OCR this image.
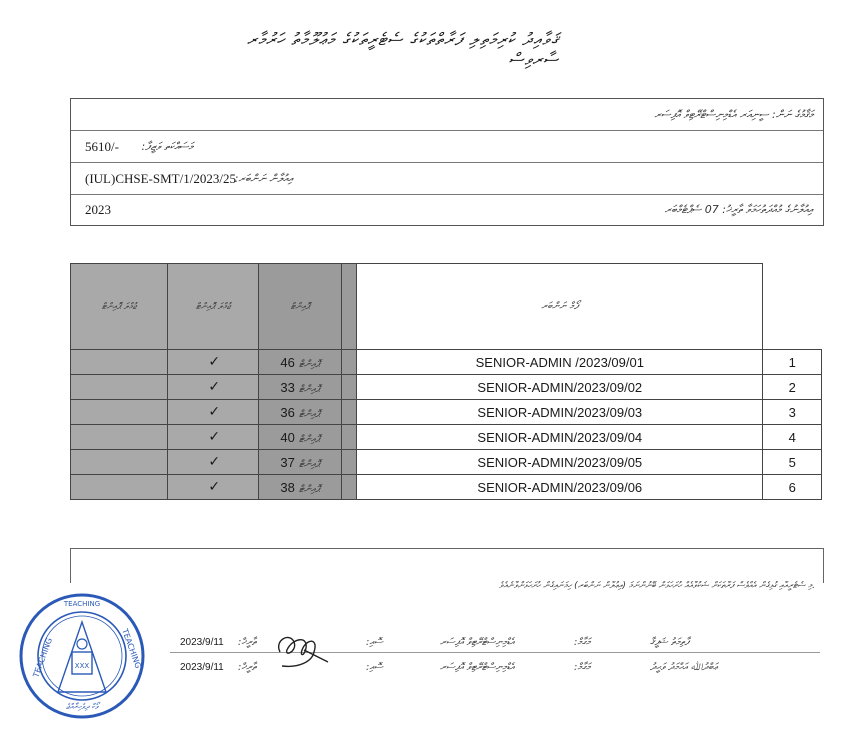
ޤަވާއިދު ކުރިމަތިލި ފަރާތްތަކުގެ ސެޓެރީތަކުގެ މަޢުލޫމާތު ހަރުމާރ ސާރވިސް
މަޤާމުގެ ނަން: ސީނިއަރ އެޑްމިނިސްޓްރޭޓިވް އޮފިސަރ
މަސައްކަތ ވަޒީފާ:
5610/-
އިއުލާން ނަންބަރ:
(IUL)CHSE-SMT/1/2023/25
އިއުލާނުގެ މުއްދަތުހަމަވާ ތާރީޚު: 07 ސެޕްޓެމްބަރ
2023
ޖުމްލަ ޕޮއިންޓް	ޖުމްލަ ޕޮއިންޓް	ޕޮއިންޓް		ފޯމް ނަންބަރ	
	✓	46 ޕޮއިންޓް		SENIOR-ADMIN /2023/09/01	1
	✓	33 ޕޮއިންޓް		SENIOR-ADMIN/2023/09/02	2
	✓	36 ޕޮއިންޓް		SENIOR-ADMIN/2023/09/03	3
	✓	40 ޕޮއިންޓް		SENIOR-ADMIN/2023/09/04	4
	✓	37 ޕޮއިންޓް		SENIOR-ADMIN/2023/09/05	5
	✓	38 ޕޮއިންޓް		SENIOR-ADMIN/2023/09/06	6
މި ސެޓެރީއާއި ގުޅިގެން އެއްވެސް ފަރާތަކަށް ޝަކުވާއެއް ހުށަހަޅަން ބޭނުންނަމަ (އިޢުލާން ނަންބަރ) ހިމަނައިގެން ހުށަހަޅަންވާނެއެވެ.
2023/9/11 ތާރީޚް:	ސޮއި:	އެޑްމިނިސްޓްރޭޓިވް އޮފިސަރ	މަގާމް:	ފާތިމަތު ޝަފީޤާ
2023/9/11 ތާރީޚް:	ސޮއި:	އެޑްމިނިސްޓްރޭޓިވް އޮފިސަރ	މަގާމް:	ޢަބްދުﷲ އަޙްމަދު ވަޙީދު
XXX
TEACHING	TEACHING
ވޯކް ދިވެހިރާއްޖެ
TEACHING
